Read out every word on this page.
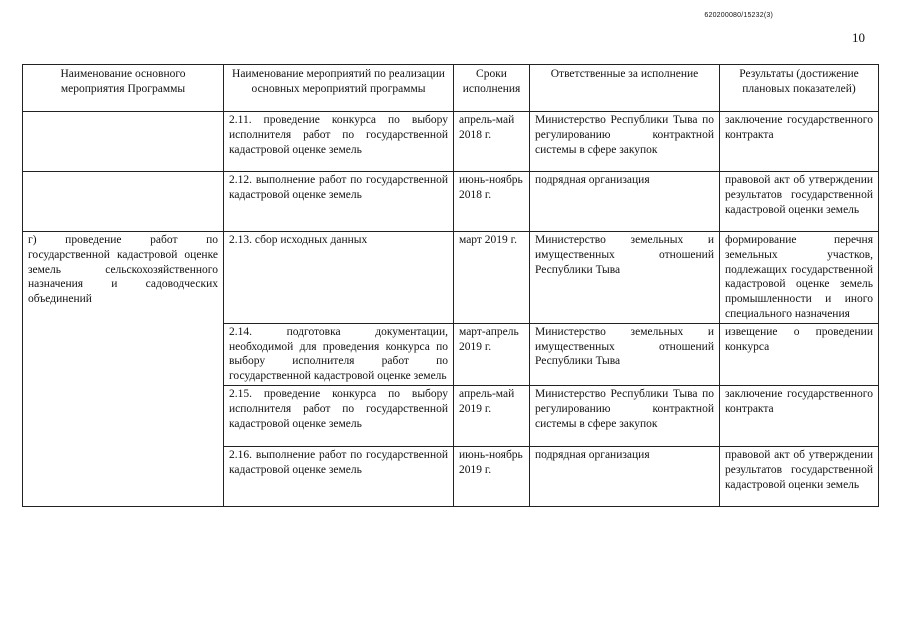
620200080/15232(3)
10
Наименование основного мероприятия Программы	Наименование мероприятий по реализации основных мероприятий программы	Сроки исполнения	Ответственные за исполнение	Результаты (достижение плановых показателей)
	2.11. проведение конкурса по выбору исполнителя работ по государственной кадастровой оценке земель	апрель-май 2018 г.	Министерство Республики Тыва по регулированию контрактной системы в сфере закупок	заключение государственного контракта
	2.12. выполнение работ по государственной кадастровой оценке земель	июнь-ноябрь 2018 г.	подрядная организация	правовой акт об утверждении результатов государственной кадастровой оценки земель
г) проведение работ по государственной кадастровой оценке земель сельскохозяйственного назначения и садоводческих объединений	2.13. сбор исходных данных	март 2019 г.	Министерство земельных и имущественных отношений Республики Тыва	формирование перечня земельных участков, подлежащих государственной кадастровой оценке земель промышленности и иного специального назначения
	2.14. подготовка документации, необходимой для проведения конкурса по выбору исполнителя работ по государственной кадастровой оценке земель	март-апрель 2019 г.	Министерство земельных и имущественных отношений Республики Тыва	извещение о проведении конкурса
	2.15. проведение конкурса по выбору исполнителя работ по государственной кадастровой оценке земель	апрель-май 2019 г.	Министерство Республики Тыва по регулированию контрактной системы в сфере закупок	заключение государственного контракта
	2.16. выполнение работ по государственной кадастровой оценке земель	июнь-ноябрь 2019 г.	подрядная организация	правовой акт об утверждении результатов государственной кадастровой оценки земель
